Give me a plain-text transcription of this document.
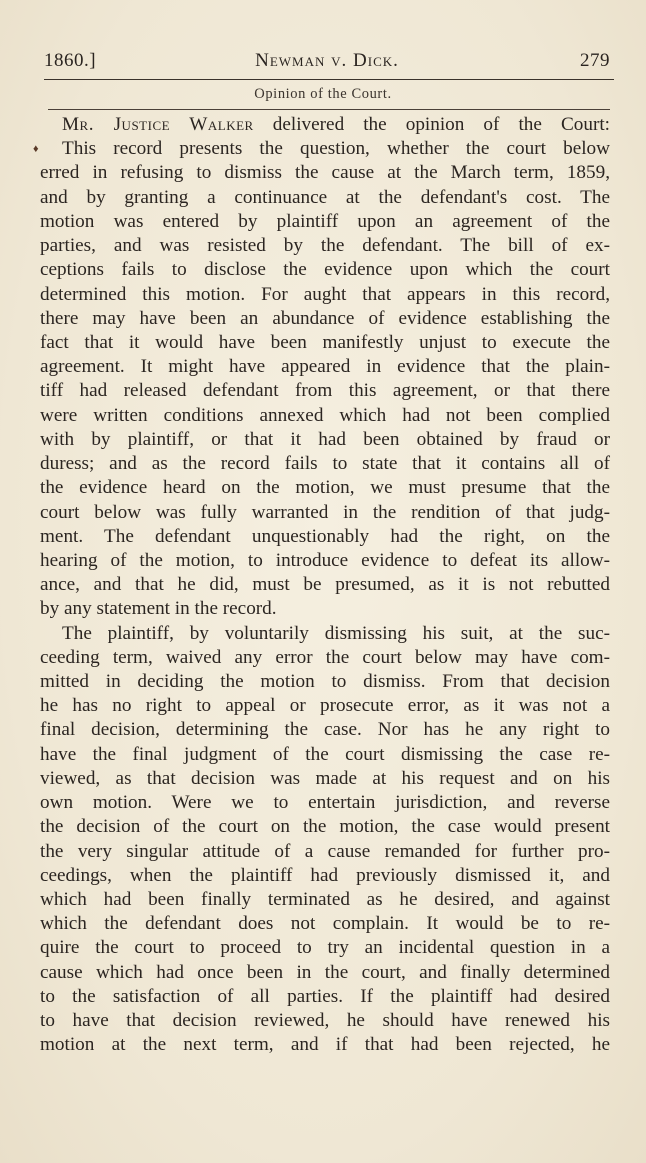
1860.]	Newman v. Dick.	279
Opinion of the Court.
♦
Mr. Justice Walker delivered the opinion of the Court:
This record presents the question, whether the court below
erred in refusing to dismiss the cause at the March term, 1859,
and by granting a continuance at the defendant's cost. The
motion was entered by plaintiff upon an agreement of the
parties, and was resisted by the defendant. The bill of ex-
ceptions fails to disclose the evidence upon which the court
determined this motion. For aught that appears in this record,
there may have been an abundance of evidence establishing the
fact that it would have been manifestly unjust to execute the
agreement. It might have appeared in evidence that the plain-
tiff had released defendant from this agreement, or that there
were written conditions annexed which had not been complied
with by plaintiff, or that it had been obtained by fraud or
duress; and as the record fails to state that it contains all of
the evidence heard on the motion, we must presume that the
court below was fully warranted in the rendition of that judg-
ment. The defendant unquestionably had the right, on the
hearing of the motion, to introduce evidence to defeat its allow-
ance, and that he did, must be presumed, as it is not rebutted
by any statement in the record.
The plaintiff, by voluntarily dismissing his suit, at the suc-
ceeding term, waived any error the court below may have com-
mitted in deciding the motion to dismiss. From that decision
he has no right to appeal or prosecute error, as it was not a
final decision, determining the case. Nor has he any right to
have the final judgment of the court dismissing the case re-
viewed, as that decision was made at his request and on his
own motion. Were we to entertain jurisdiction, and reverse
the decision of the court on the motion, the case would present
the very singular attitude of a cause remanded for further pro-
ceedings, when the plaintiff had previously dismissed it, and
which had been finally terminated as he desired, and against
which the defendant does not complain. It would be to re-
quire the court to proceed to try an incidental question in a
cause which had once been in the court, and finally determined
to the satisfaction of all parties. If the plaintiff had desired
to have that decision reviewed, he should have renewed his
motion at the next term, and if that had been rejected, he
